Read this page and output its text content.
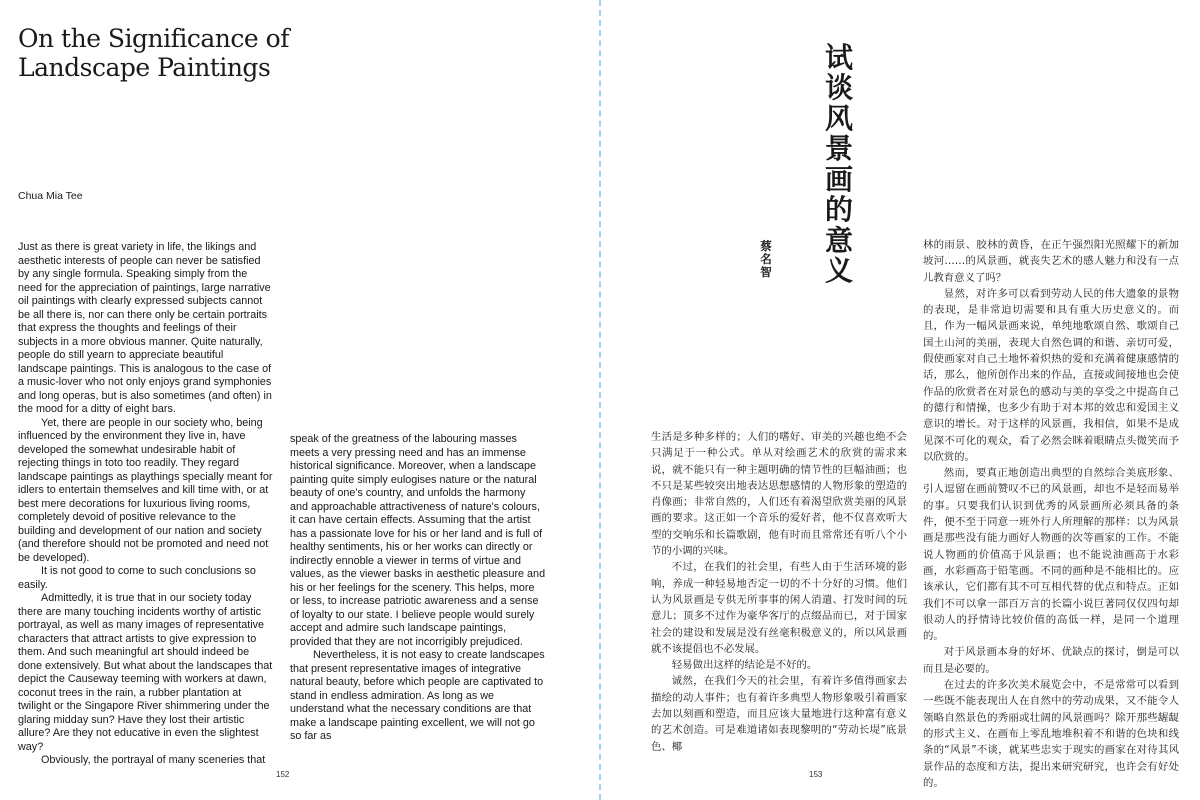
On the Significance of Landscape Paintings
Chua Mia Tee

Just as there is great variety in life, the likings and aesthetic interests of people can never be satisfied by any single formula. Speaking simply from the need for the appreciation of paintings, large narrative oil paintings with clearly expressed subjects cannot be all there is, nor can there only be certain portraits that express the thoughts and feelings of their subjects in a more obvious manner. Quite naturally, people do still yearn to appreciate beautiful landscape paintings. This is analogous to the case of a music-lover who not only enjoys grand symphonies and long operas, but is also sometimes (and often) in the mood for a ditty of eight bars.

Yet, there are people in our society who, being influenced by the environment they live in, have developed the somewhat undesirable habit of rejecting things in toto too readily. They regard landscape paintings as playthings specially meant for idlers to entertain themselves and kill time with, or at best mere decorations for luxurious living rooms, completely devoid of positive relevance to the building and development of our nation and society (and therefore should not be promoted and need not be developed).

It is not good to come to such conclusions so easily.

Admittedly, it is true that in our society today there are many touching incidents worthy of artistic portrayal, as well as many images of representative characters that attract artists to give expression to them. And such meaningful art should indeed be done extensively. But what about the landscapes that depict the Causeway teeming with workers at dawn, coconut trees in the rain, a rubber plantation at twilight or the Singapore River shimmering under the glaring midday sun? Have they lost their artistic allure? Are they not educative in even the slightest way?

Obviously, the portrayal of many sceneries that

speak of the greatness of the labouring masses meets a very pressing need and has an immense historical significance. Moreover, when a landscape painting quite simply eulogises nature or the natural beauty of one's country, and unfolds the harmony and approachable attractiveness of nature's colours, it can have certain effects. Assuming that the artist has a passionate love for his or her land and is full of healthy sentiments, his or her works can directly or indirectly ennoble a viewer in terms of virtue and values, as the viewer basks in aesthetic pleasure and his or her feelings for the scenery. This helps, more or less, to increase patriotic awareness and a sense of loyalty to our state. I believe people would surely accept and admire such landscape paintings, provided that they are not incorrigibly prejudiced.

Nevertheless, it is not easy to create landscapes that present representative images of integrative natural beauty, before which people are captivated to stand in endless admiration. As long as we understand what the necessary conditions are that make a landscape painting excellent, we will not go so far as

152
试谈风景画的意义
蔡名智

生活是多种多样的；人们的嗜好、审美的兴趣也绝不会只满足于一种公式。单从对绘画艺术的欣赏的需求来说，就不能只有一种主题明确的情节性的巨幅油画；也不只是某些较突出地表达思想感情的人物形象的塑造的肖像画；非常自然的，人们还有着渴望欣赏美丽的风景画的要求。这正如一个音乐的爱好者，他不仅喜欢听大型的交响乐和长篇歌剧，他有时而且常常还有听八个小节的小调的兴味。

不过，在我们的社会里，有些人由于生活环境的影响，养成一种轻易地否定一切的不十分好的习惯。他们认为风景画是专供无所事事的闲人消遣、打发时间的玩意儿；顶多不过作为豪华客厅的点缀品而已，对于国家社会的建设和发展是没有丝毫积极意义的，所以风景画就不该提倡也不必发展。

轻易做出这样的结论是不好的。

诚然，在我们今天的社会里，有着许多值得画家去描绘的动人事件；也有着许多典型人物形象吸引着画家去加以刻画和塑造，而且应该大量地进行这种富有意义的艺术创造。可是难道诸如表现黎明的“劳动长堤”底景色、椰

林的雨景、胶林的黄昏，在正午强烈阳光照耀下的新加坡河……的风景画，就丧失艺术的感人魅力和没有一点儿教育意义了吗？

显然，对许多可以看到劳动人民的伟大遗象的景物的表现，是非常迫切需要和具有重大历史意义的。而且，作为一幅风景画来说，单纯地歌颂自然、歌颂自己国土山河的美丽，表现大自然色调的和谐、亲切可爱，假使画家对自己土地怀着炽热的爱和充满着健康感情的话，那么，他所创作出来的作品，直接或间接地也会使作品的欣赏者在对景色的感动与美的享受之中提高自己的德行和情操，也多少有助于对本邦的效忠和爱国主义意识的增长。对于这样的风景画，我相信，如果不是成见深不可化的观众，看了必然会眯着眼睛点头微笑而予以欣赏的。

然而，要真正地创造出典型的自然综合美底形象、引人逗留在画前赞叹不已的风景画，却也不是轻而易举的事。只要我们认识到优秀的风景画所必须具备的条件，便不至于同意一班外行人所理解的那样：以为风景画是那些没有能力画好人物画的次等画家的工作。不能说人物画的价值高于风景画；也不能说油画高于水彩画，水彩画高于铅笔画。不同的画种是不能相比的。应该承认，它们都有其不可互相代替的优点和特点。正如我们不可以拿一部百万言的长篇小说巨著同仅仅四句却很动人的抒情诗比较价值的高低一样，是同一个道理的。

对于风景画本身的好坏、优缺点的探讨，倒是可以而且是必要的。

在过去的许多次美术展览会中，不是常常可以看到一些既不能表现出人在自然中的劳动成果，又不能令人领略自然景色的秀丽或壮阔的风景画吗？除开那些龌龊的形式主义、在画布上零乱地堆积着不和谐的色块和线条的“风景”不谈，就某些忠实于现实的画家在对待其风景作品的态度和方法，提出来研究研究，也许会有好处的。

153
